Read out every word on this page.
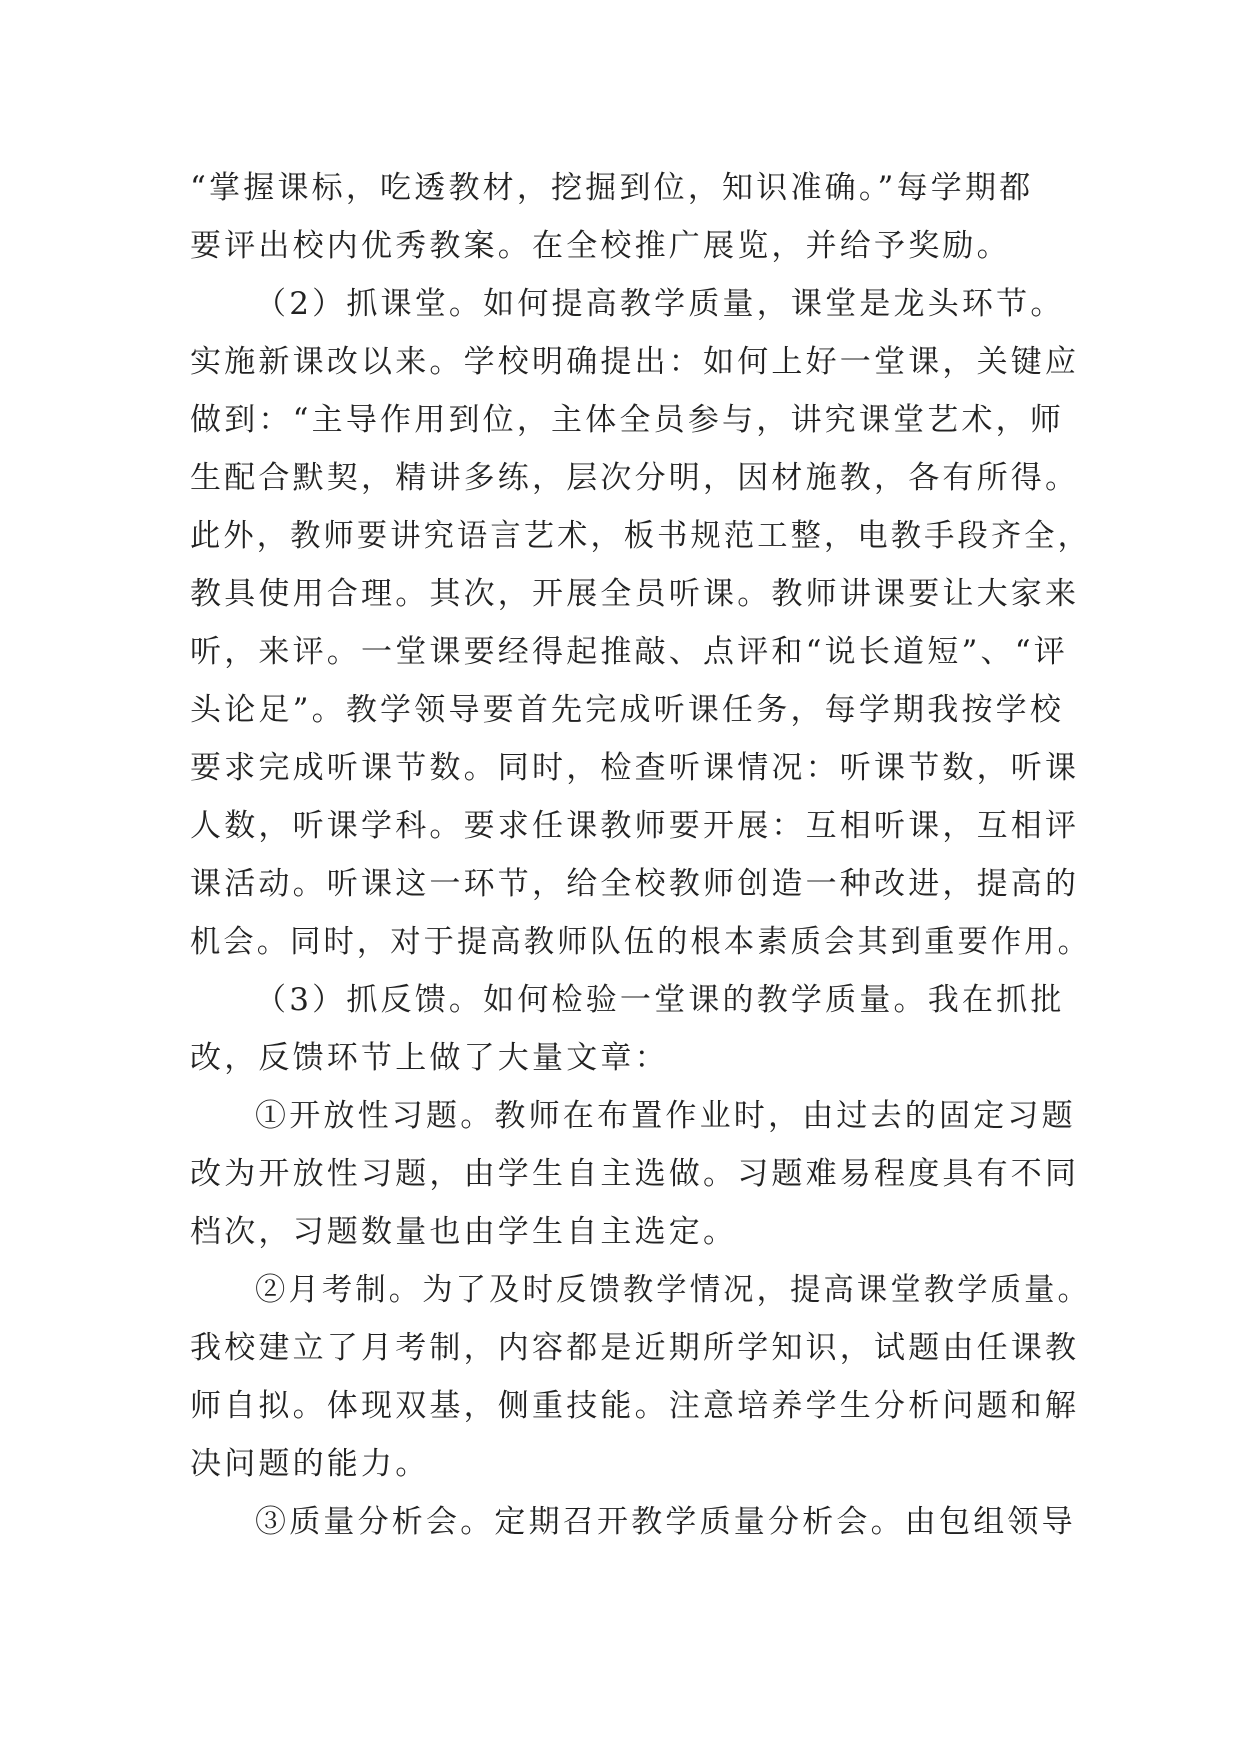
“掌握课标，吃透教材，挖掘到位，知识准确。”每学期都
要评出校内优秀教案。在全校推广展览，并给予奖励。
（2）抓课堂。如何提高教学质量，课堂是龙头环节。
实施新课改以来。学校明确提出：如何上好一堂课，关键应
做到：“主导作用到位，主体全员参与，讲究课堂艺术，师
生配合默契，精讲多练，层次分明，因材施教，各有所得。
此外，教师要讲究语言艺术，板书规范工整，电教手段齐全，
教具使用合理。其次，开展全员听课。教师讲课要让大家来
听，来评。一堂课要经得起推敲、点评和“说长道短”、“评
头论足”。教学领导要首先完成听课任务，每学期我按学校
要求完成听课节数。同时，检查听课情况：听课节数，听课
人数，听课学科。要求任课教师要开展：互相听课，互相评
课活动。听课这一环节，给全校教师创造一种改进，提高的
机会。同时，对于提高教师队伍的根本素质会其到重要作用。
（3）抓反馈。如何检验一堂课的教学质量。我在抓批
改，反馈环节上做了大量文章：
①开放性习题。教师在布置作业时，由过去的固定习题
改为开放性习题，由学生自主选做。习题难易程度具有不同
档次，习题数量也由学生自主选定。
②月考制。为了及时反馈教学情况，提高课堂教学质量。
我校建立了月考制，内容都是近期所学知识，试题由任课教
师自拟。体现双基，侧重技能。注意培养学生分析问题和解
决问题的能力。
③质量分析会。定期召开教学质量分析会。由包组领导
